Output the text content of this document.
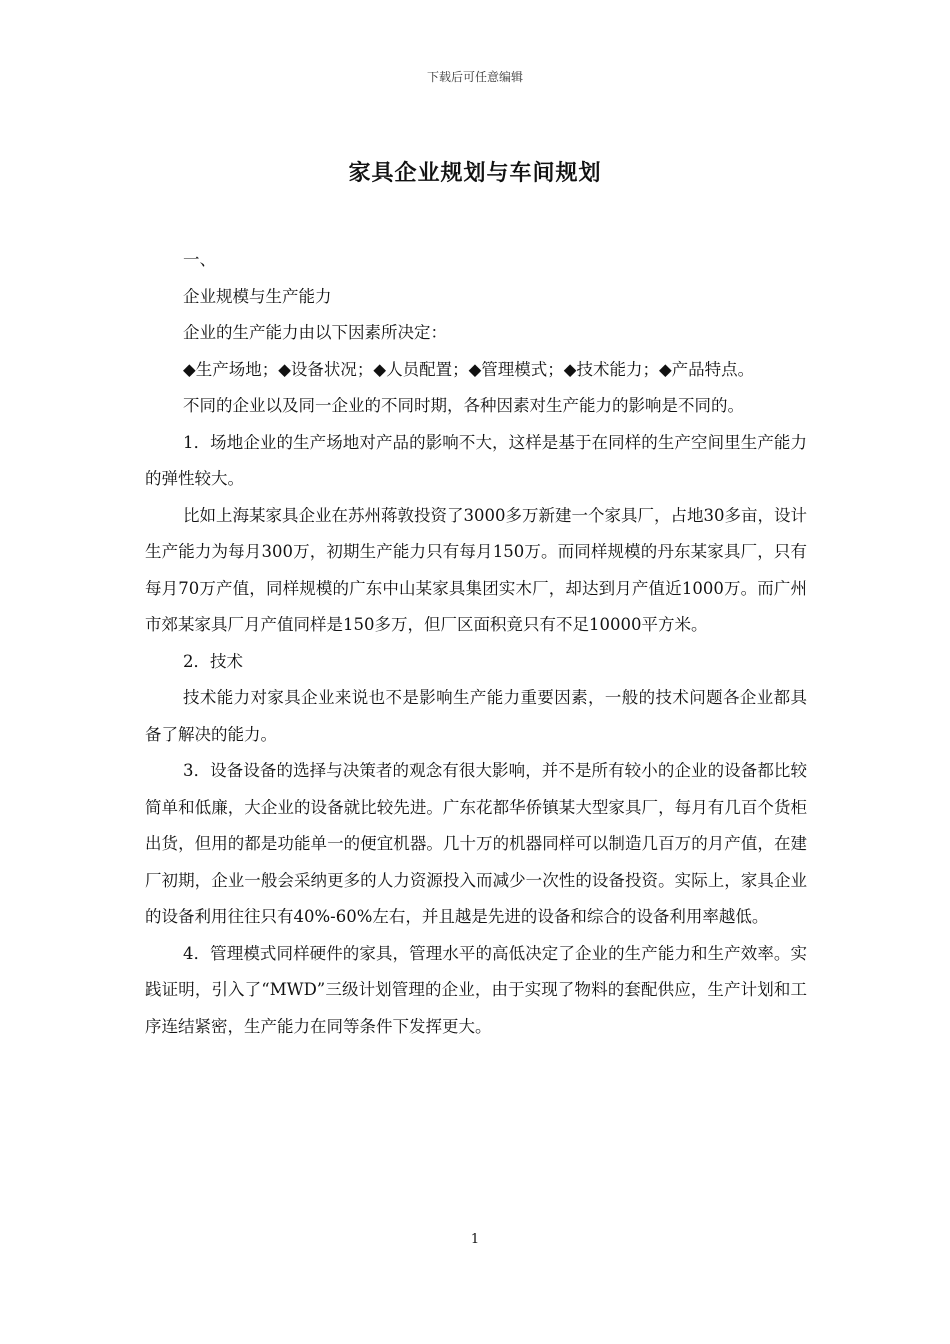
下载后可任意编辑
家具企业规划与车间规划

一、

企业规模与生产能力

企业的生产能力由以下因素所决定：

◆生产场地；◆设备状况；◆人员配置；◆管理模式；◆技术能力；◆产品特点。

不同的企业以及同一企业的不同时期，各种因素对生产能力的影响是不同的。

1．场地企业的生产场地对产品的影响不大，这样是基于在同样的生产空间里生产能力的弹性较大。

比如上海某家具企业在苏州蒋敦投资了3000多万新建一个家具厂，占地30多亩，设计生产能力为每月300万，初期生产能力只有每月150万。而同样规模的丹东某家具厂，只有每月70万产值，同样规模的广东中山某家具集团实木厂，却达到月产值近1000万。而广州市郊某家具厂月产值同样是150多万，但厂区面积竟只有不足10000平方米。

2．技术

技术能力对家具企业来说也不是影响生产能力重要因素，一般的技术问题各企业都具备了解决的能力。

3．设备设备的选择与决策者的观念有很大影响，并不是所有较小的企业的设备都比较简单和低廉，大企业的设备就比较先进。广东花都华侨镇某大型家具厂，每月有几百个货柜出货，但用的都是功能单一的便宜机器。几十万的机器同样可以制造几百万的月产值，在建厂初期，企业一般会采纳更多的人力资源投入而减少一次性的设备投资。实际上，家具企业的设备利用往往只有40%-60%左右，并且越是先进的设备和综合的设备利用率越低。

4．管理模式同样硬件的家具，管理水平的高低决定了企业的生产能力和生产效率。实践证明，引入了“MWD”三级计划管理的企业，由于实现了物料的套配供应，生产计划和工序连结紧密，生产能力在同等条件下发挥更大。

1
